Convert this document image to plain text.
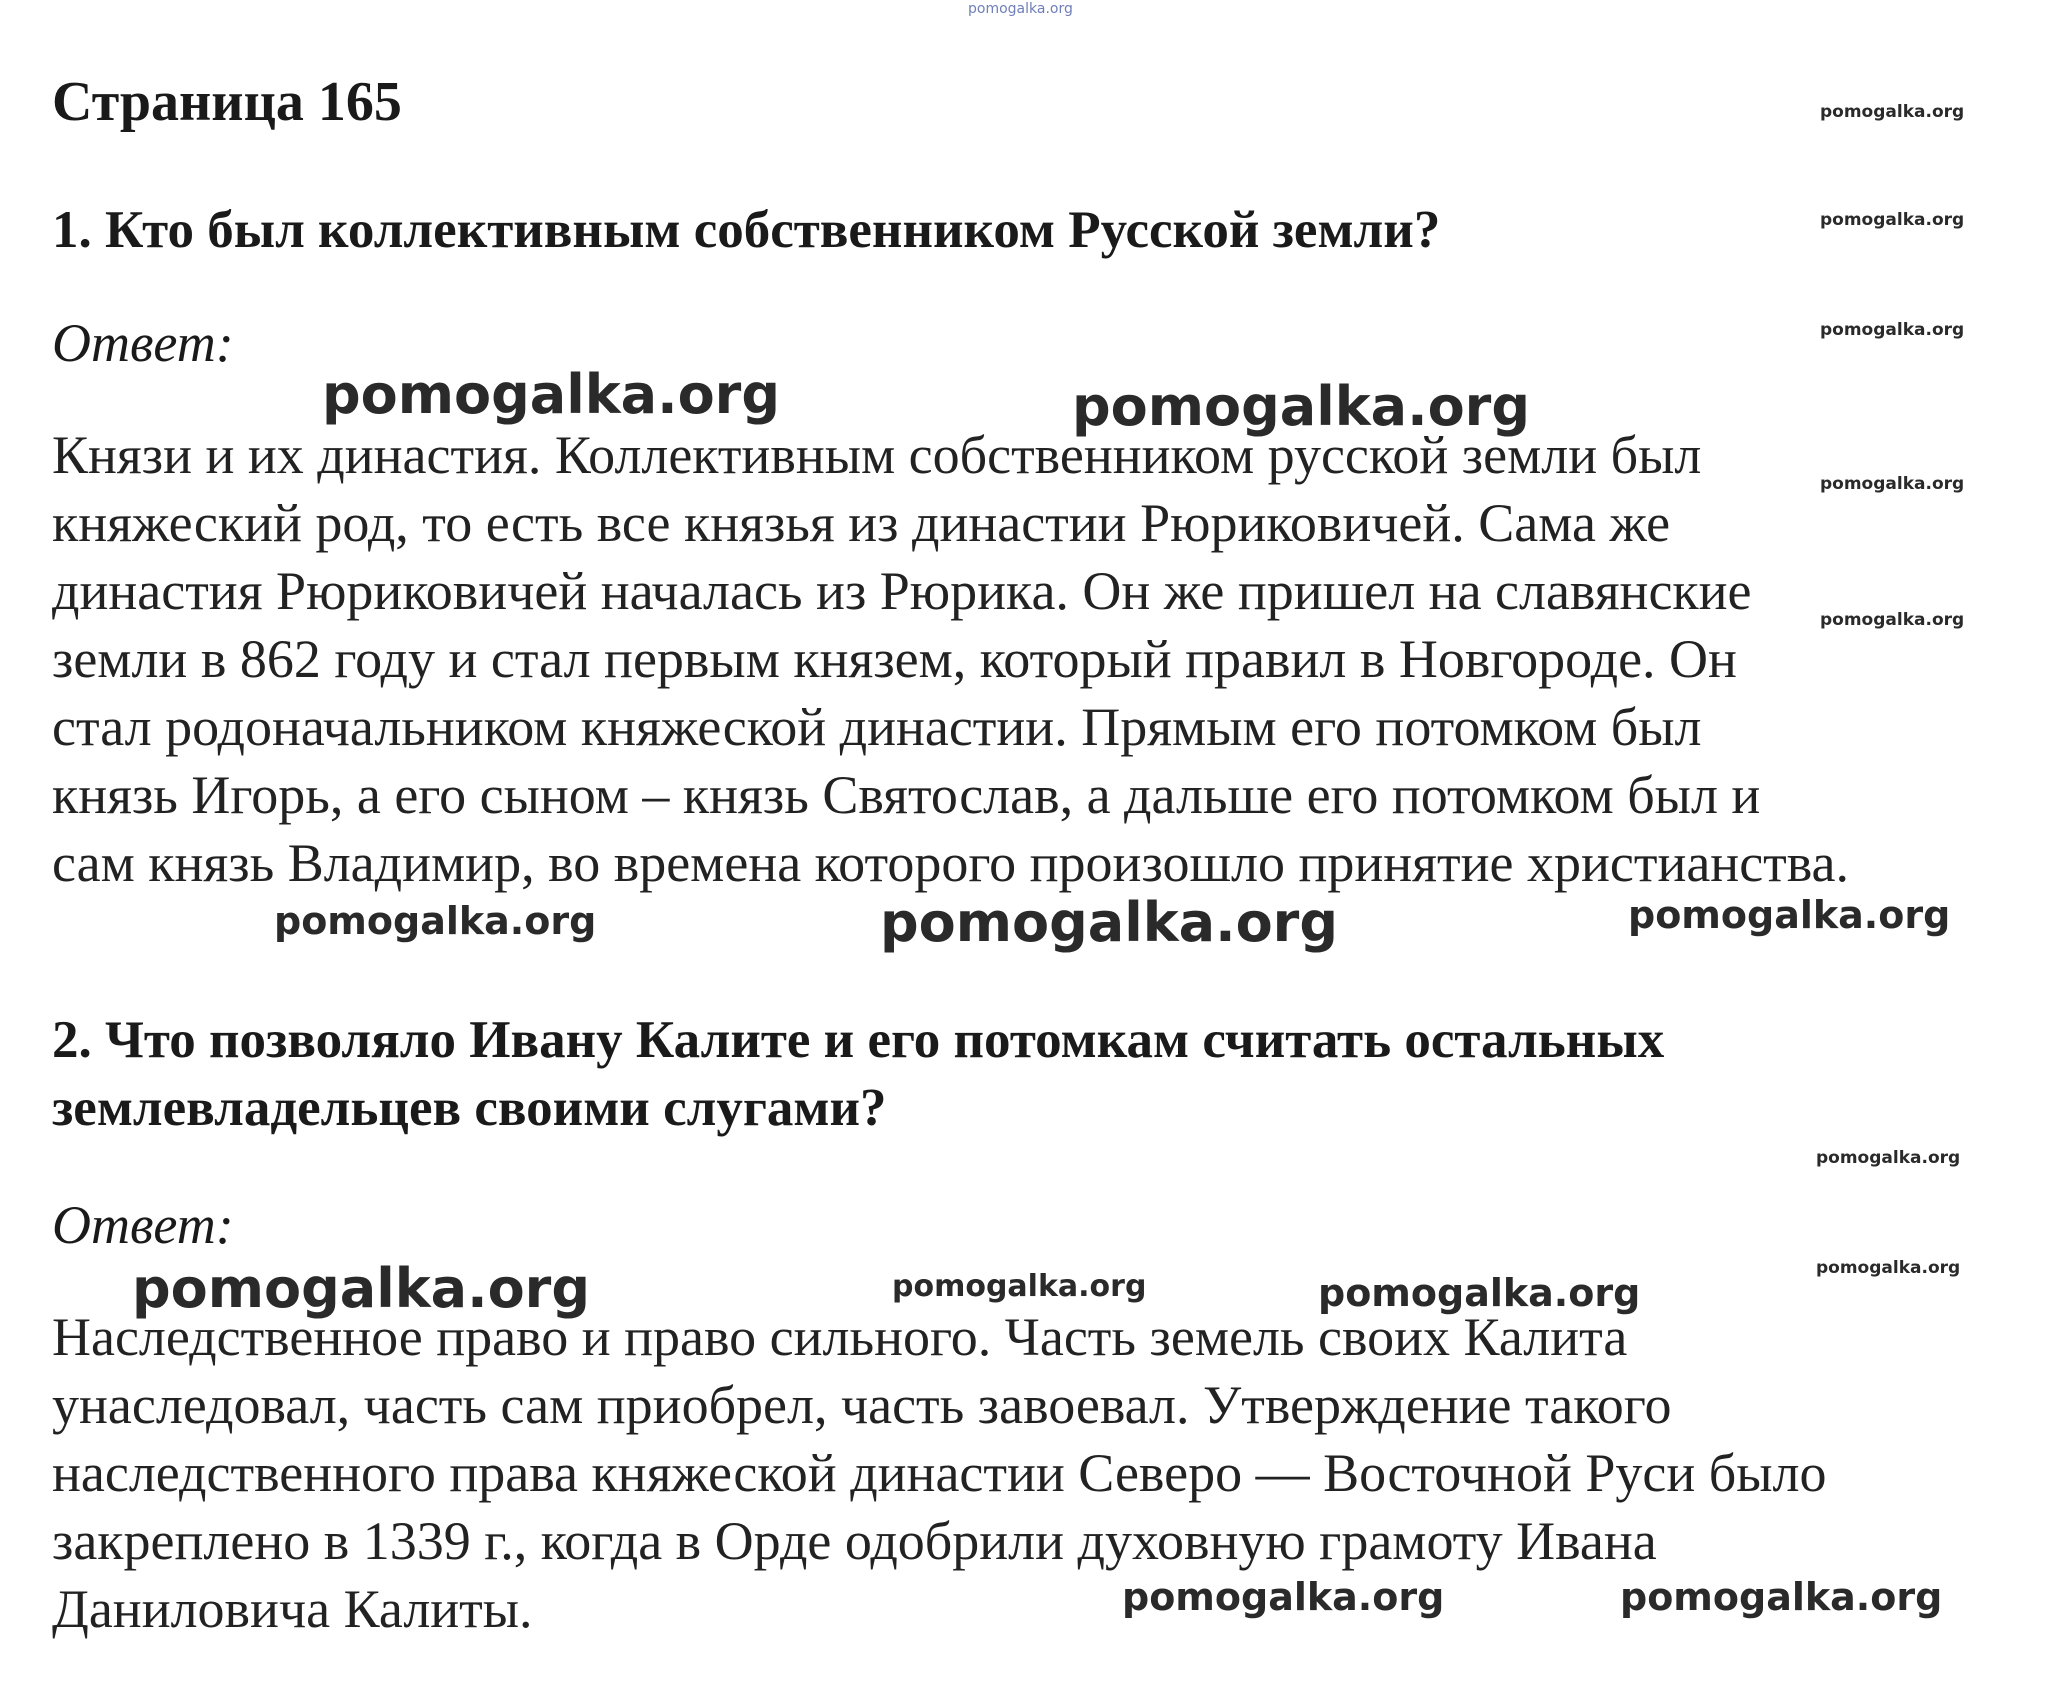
pomogalka.org
Страница 165
1. Кто был коллективным собственником Русской земли?
Ответ:
Князи и их династия. Коллективным собственником русской земли был
княжеский род, то есть все князья из династии Рюриковичей. Сама же
династия Рюриковичей началась из Рюрика. Он же пришел на славянские
земли в 862 году и стал первым князем, который правил в Новгороде. Он
стал родоначальником княжеской династии. Прямым его потомком был
князь Игорь, а его сыном – князь Святослав, а дальше его потомком был и
сам князь Владимир, во времена которого произошло принятие христианства.
2. Что позволяло Ивану Калите и его потомкам считать остальных
землевладельцев своими слугами?
Ответ:
Наследственное право и право сильного. Часть земель своих Калита
унаследовал, часть сам приобрел, часть завоевал. Утверждение такого
наследственного права княжеской династии Северо — Восточной Руси было
закреплено в 1339 г., когда в Орде одобрили духовную грамоту Ивана
Даниловича Калиты.
pomogalka.org
pomogalka.org
pomogalka.org
pomogalka.org
pomogalka.org
pomogalka.org
pomogalka.org
pomogalka.org	pomogalka.org
pomogalka.org	pomogalka.org	pomogalka.org
pomogalka.org	pomogalka.org	pomogalka.org
pomogalka.org	pomogalka.org
